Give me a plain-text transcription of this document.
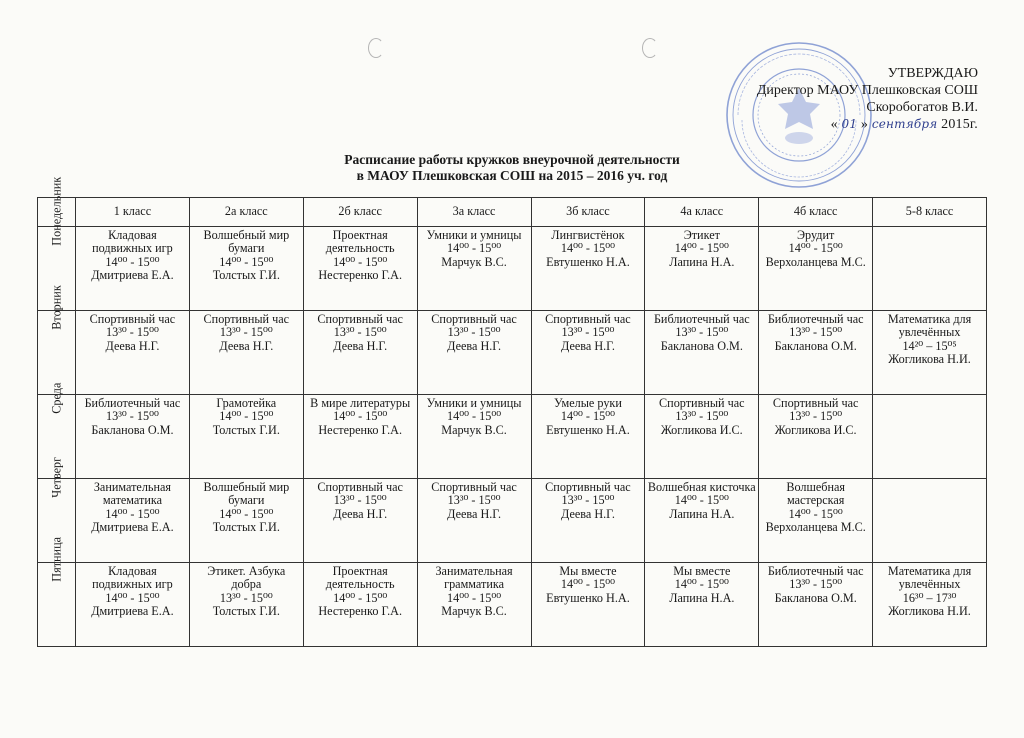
УТВЕРЖДАЮ
Директор МАОУ Плешковская СОШ
Скоробогатов В.И.
« 01 » сентября 2015г.
Расписание работы кружков внеурочной деятельности
в МАОУ Плешковская СОШ на 2015 – 2016 уч. год
	1 класс	2а класс	2б класс	3а класс	3б класс	4а класс	4б класс	5-8 класс

Понедельник	Кладовая подвижных игр
14⁰⁰ - 15⁰⁰
Дмитриева Е.А.	Волшебный мир бумаги
14⁰⁰ - 15⁰⁰
Толстых Г.И.	Проектная деятельность
14⁰⁰ - 15⁰⁰
Нестеренко Г.А.	Умники и умницы
14⁰⁰ - 15⁰⁰
Марчук В.С.	Лингвистёнок
14⁰⁰ - 15⁰⁰
Евтушенко Н.А.	Этикет
14⁰⁰ - 15⁰⁰
Лапина Н.А.	Эрудит
14⁰⁰ - 15⁰⁰
Верхоланцева М.С.	

Вторник	Спортивный час
13³⁰ - 15⁰⁰
Деева Н.Г.	Спортивный час
13³⁰ - 15⁰⁰
Деева Н.Г.	Спортивный час
13³⁰ - 15⁰⁰
Деева Н.Г.	Спортивный час
13³⁰ - 15⁰⁰
Деева Н.Г.	Спортивный час
13³⁰ - 15⁰⁰
Деева Н.Г.	Библиотечный час
13³⁰ - 15⁰⁰
Бакланова О.М.	Библиотечный час
13³⁰ - 15⁰⁰
Бакланова О.М.	Математика для увлечённых
14²⁰ – 15⁰⁵
Жогликова Н.И.

Среда	Библиотечный час
13³⁰ - 15⁰⁰
Бакланова О.М.	Грамотейка
14⁰⁰ - 15⁰⁰
Толстых Г.И.	В мире литературы
14⁰⁰ - 15⁰⁰
Нестеренко Г.А.	Умники и умницы
14⁰⁰ - 15⁰⁰
Марчук В.С.	Умелые руки
14⁰⁰ - 15⁰⁰
Евтушенко Н.А.	Спортивный час
13³⁰ - 15⁰⁰
Жогликова И.С.	Спортивный час
13³⁰ - 15⁰⁰
Жогликова И.С.	

Четверг	Занимательная математика
14⁰⁰ - 15⁰⁰
Дмитриева Е.А.	Волшебный мир бумаги
14⁰⁰ - 15⁰⁰
Толстых Г.И.	Спортивный час
13³⁰ - 15⁰⁰
Деева Н.Г.	Спортивный час
13³⁰ - 15⁰⁰
Деева Н.Г.	Спортивный час
13³⁰ - 15⁰⁰
Деева Н.Г.	Волшебная кисточка
14⁰⁰ - 15⁰⁰
Лапина Н.А.	Волшебная мастерская
14⁰⁰ - 15⁰⁰
Верхоланцева М.С.	

Пятница	Кладовая подвижных игр
14⁰⁰ - 15⁰⁰
Дмитриева Е.А.	Этикет. Азбука добра
13³⁰ - 15⁰⁰
Толстых Г.И.	Проектная деятельность
14⁰⁰ - 15⁰⁰
Нестеренко Г.А.	Занимательная грамматика
14⁰⁰ - 15⁰⁰
Марчук В.С.	Мы вместе
14⁰⁰ - 15⁰⁰
Евтушенко Н.А.	Мы вместе
14⁰⁰ - 15⁰⁰
Лапина Н.А.	Библиотечный час
13³⁰ - 15⁰⁰
Бакланова О.М.	Математика для увлечённых
16³⁰ – 17³⁰
Жогликова Н.И.
